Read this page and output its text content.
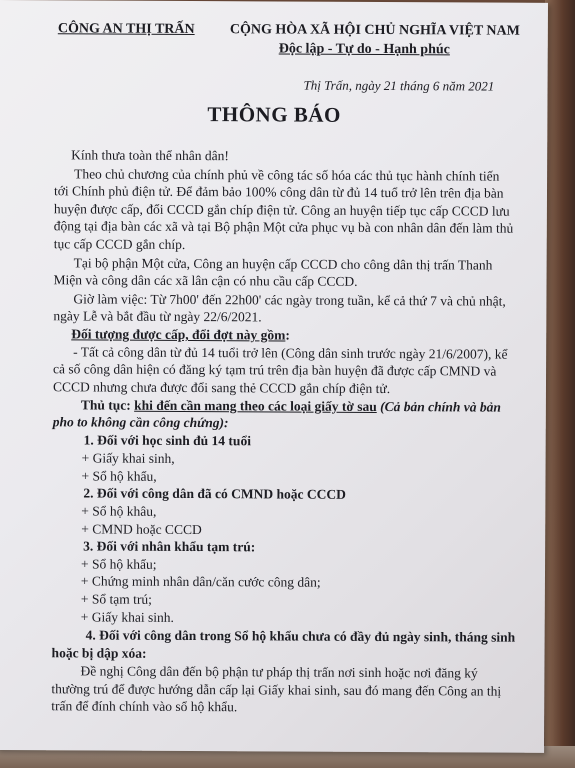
CÔNG AN THỊ TRẤN	CỘNG HÒA XÃ HỘI CHỦ NGHĨA VIỆT NAM
Độc lập - Tự do - Hạnh phúc
Thị Trấn, ngày 21 tháng 6 năm 2021
THÔNG BÁO
Kính thưa toàn thể nhân dân!
Theo chủ chương của chính phủ về công tác số hóa các thủ tục hành chính tiến
tới Chính phủ điện tử. Để đảm bảo 100% công dân từ đủ 14 tuổ trở lên trên địa bàn
huyện được cấp, đổi CCCD gắn chíp điện tử. Công an huyện tiếp tục cấp CCCD lưu
động tại địa bàn các xã và tại Bộ phận Một cửa phục vụ bà con nhân dân đến làm thủ
tục cấp CCCD gắn chíp.
Tại bộ phận Một cửa, Công an huyện cấp CCCD cho công dân thị trấn Thanh
Miện và công dân các xã lân cận có nhu cầu cấp CCCD.
Giờ làm việc: Từ 7h00' đến 22h00' các ngày trong tuần, kể cả thứ 7 và chủ nhật,
ngày Lễ và bắt đầu từ ngày 22/6/2021.
Đối tượng được cấp, đổi đợt này gồm:
- Tất cả công dân từ đủ 14 tuổi trở lên (Công dân sinh trước ngày 21/6/2007), kể
cả số công dân hiện có đăng ký tạm trú trên địa bàn huyện đã được cấp CMND và
CCCD nhưng chưa được đổi sang thẻ CCCD gắn chíp điện tử.
Thủ tục: khi đến cần mang theo các loại giấy tờ sau (Cả bản chính và bản
pho to không cần công chứng):
1. Đối với học sinh đủ 14 tuổi
+ Giấy khai sinh,
+ Sổ hộ khẩu,
2. Đối với công dân đã có CMND hoặc CCCD
+ Sổ hộ khâu,
+ CMND hoặc CCCD
3. Đối với nhân khẩu tạm trú:
+ Sổ hộ khẩu;
+ Chứng minh nhân dân/căn cước công dân;
+ Sổ tạm trú;
+ Giấy khai sinh.
4. Đối với công dân trong Sổ hộ khẩu chưa có đầy đủ ngày sinh, tháng sinh
hoặc bị dập xóa:
Đề nghị Công dân đến bộ phận tư pháp thị trấn nơi sinh hoặc nơi đăng ký
thường trú để được hướng dẫn cấp lại Giấy khai sinh, sau đó mang đến Công an thị
trấn để đính chính vào sổ hộ khẩu.
